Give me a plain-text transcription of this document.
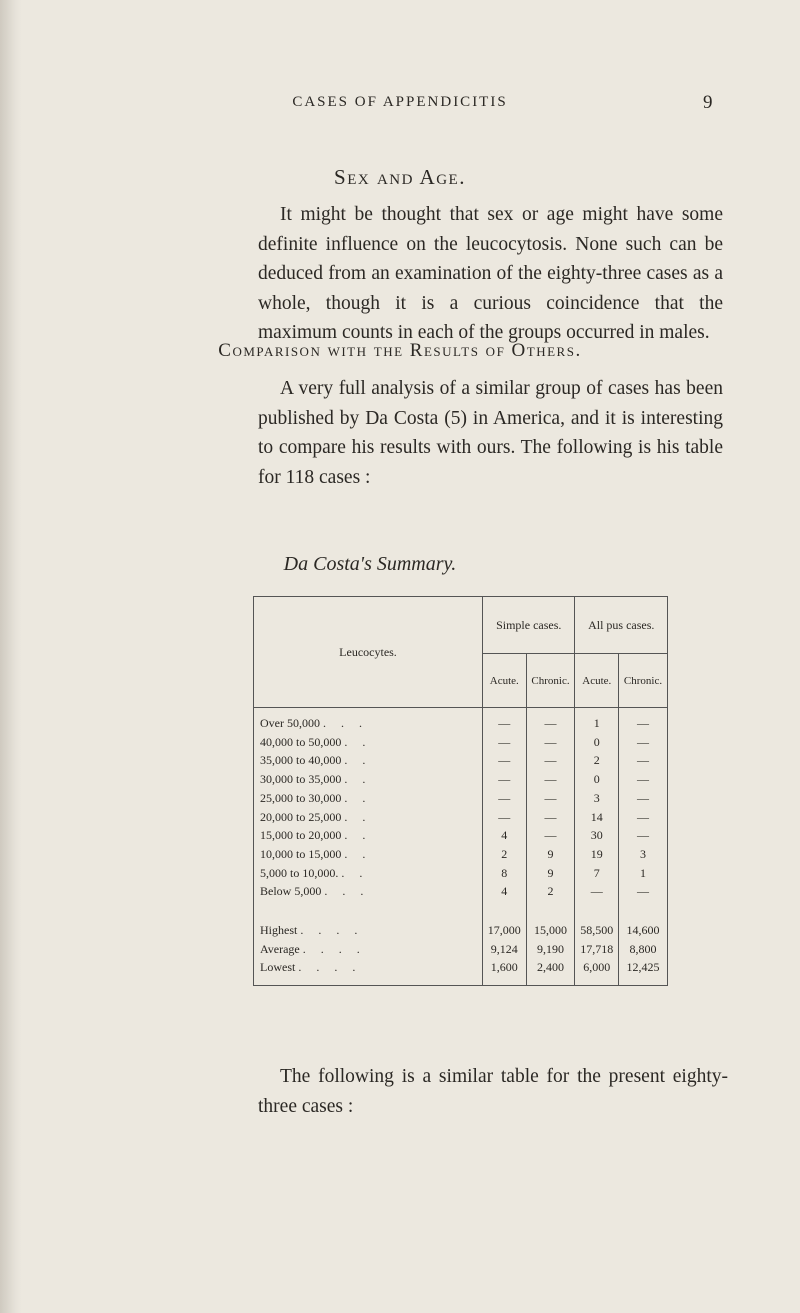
CASES OF APPENDICITIS	9
Sex and Age.

It might be thought that sex or age might have some definite influence on the leucocytosis. None such can be deduced from an examination of the eighty-three cases as a whole, though it is a curious coincidence that the maximum counts in each of the groups occurred in males.

Comparison with the Results of Others.

A very full analysis of a similar group of cases has been published by Da Costa (5) in America, and it is interesting to compare his results with ours. The following is his table for 118 cases :

Da Costa's Summary.
Leucocytes.	Simple cases.		All pus cases.	
	Acute.	Chronic.	Acute.	Chronic.
Over 50,000 . . .	—	—	1	—
40,000 to 50,000 . .	—	—	0	—
35,000 to 40,000 . .	—	—	2	—
30,000 to 35,000 . .	—	—	0	—
25,000 to 30,000 . .	—	—	3	—
20,000 to 25,000 . .	—	—	14	—
15,000 to 20,000 . .	4	—	30	—
10,000 to 15,000 . .	2	9	19	3
5,000 to 10,000. . .	8	9	7	1
Below 5,000 . . .	4	2	—	—
Highest . . . .	17,000	15,000	58,500	14,600
Average . . . .	9,124	9,190	17,718	8,800
Lowest . . . .	1,600	2,400	6,000	12,425

The following is a similar table for the present eighty-three cases :
